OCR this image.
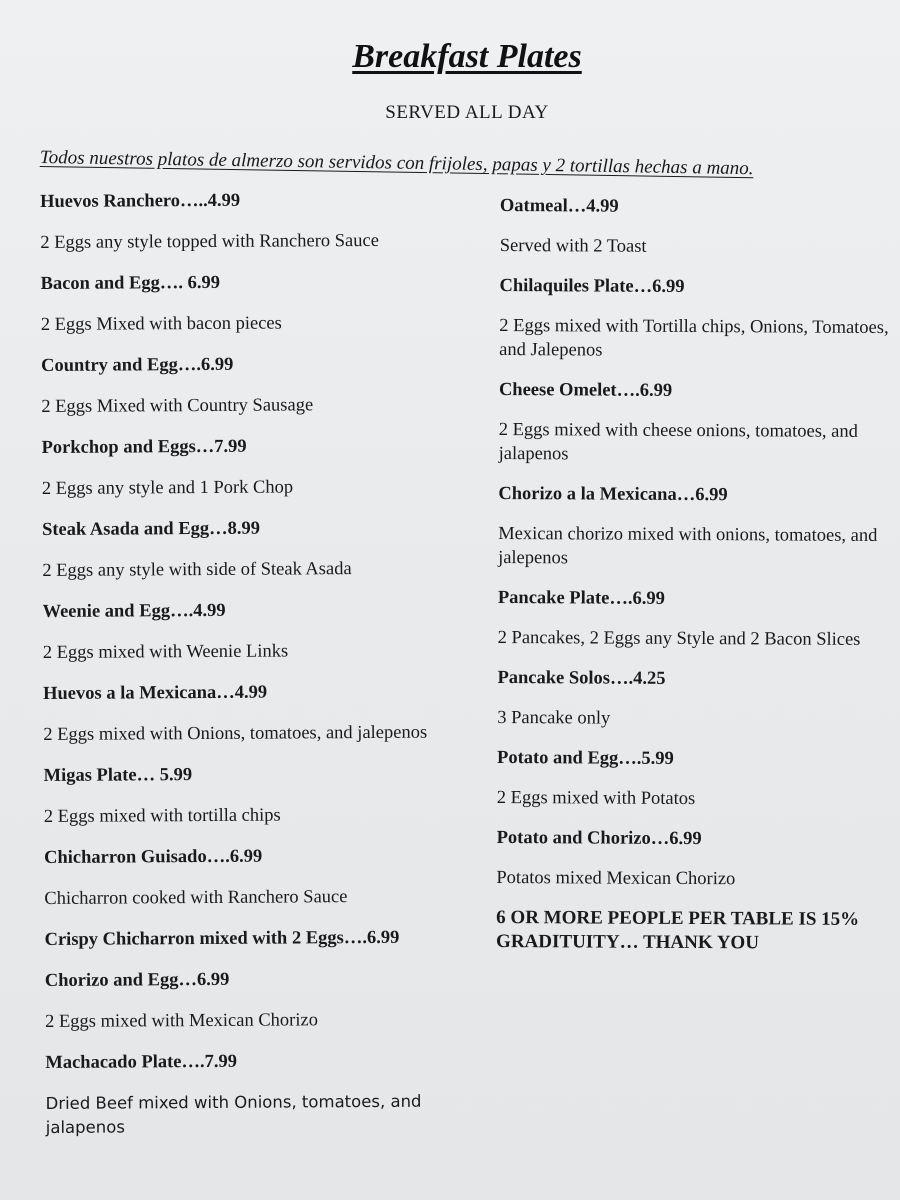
Breakfast Plates
SERVED ALL DAY
Todos nuestros platos de almerzo son servidos con frijoles, papas y 2 tortillas hechas a mano.
Huevos Ranchero…..4.99
2 Eggs any style topped with Ranchero Sauce
Bacon and Egg…. 6.99
2 Eggs Mixed with bacon pieces
Country and Egg….6.99
2 Eggs Mixed with Country Sausage
Porkchop and Eggs…7.99
2 Eggs any style and 1 Pork Chop
Steak Asada and Egg…8.99
2 Eggs any style with side of Steak Asada
Weenie and Egg….4.99
2 Eggs mixed with Weenie Links
Huevos a la Mexicana…4.99
2 Eggs mixed with Onions, tomatoes, and jalepenos
Migas Plate… 5.99
2 Eggs mixed with tortilla chips
Chicharron Guisado….6.99
Chicharron cooked with Ranchero Sauce
Crispy Chicharron mixed with 2 Eggs….6.99
Chorizo and Egg…6.99
2 Eggs mixed with Mexican Chorizo
Machacado Plate….7.99
Dried Beef mixed with Onions, tomatoes, and jalapenos
Oatmeal…4.99
Served with 2 Toast
Chilaquiles Plate…6.99
2 Eggs mixed with Tortilla chips, Onions, Tomatoes, and Jalepenos
Cheese Omelet….6.99
2 Eggs mixed with cheese onions, tomatoes, and jalapenos
Chorizo a la Mexicana…6.99
Mexican chorizo mixed with onions, tomatoes, and jalepenos
Pancake Plate….6.99
2 Pancakes, 2 Eggs any Style and 2 Bacon Slices
Pancake Solos….4.25
3 Pancake only
Potato and Egg….5.99
2 Eggs mixed with Potatos
Potato and Chorizo…6.99
Potatos mixed Mexican Chorizo
6 OR MORE PEOPLE PER TABLE IS 15% GRADITUITY… THANK YOU
